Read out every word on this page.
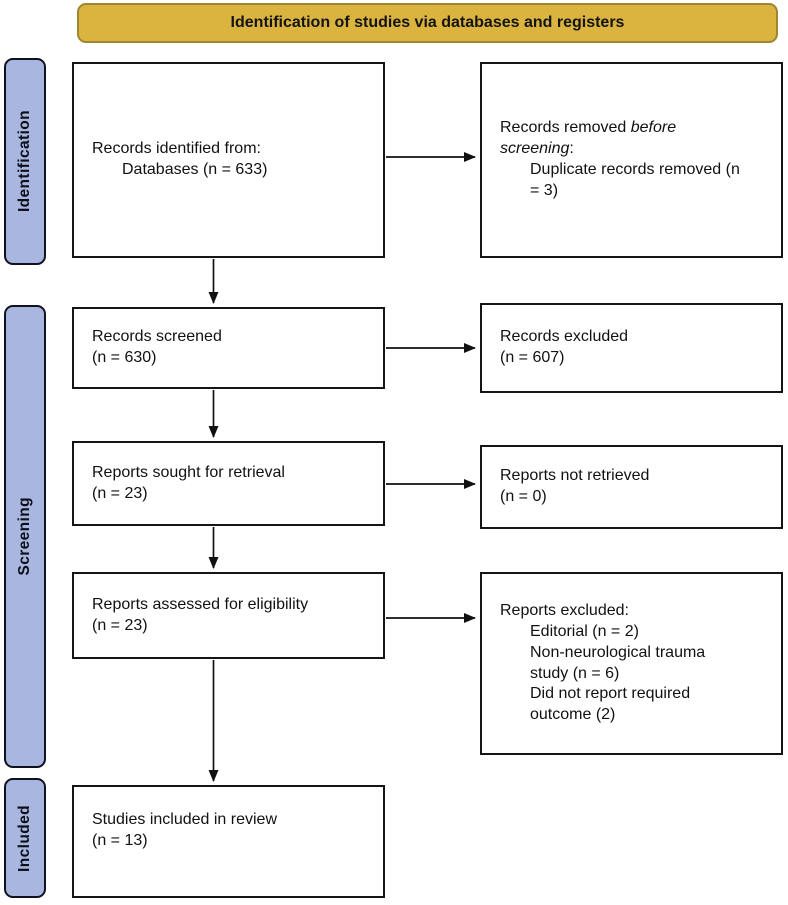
Identification of studies via databases and registers
Identification
Screening
Included
Records identified from:
Databases (n = 633)
Records removed before
screening:
Duplicate records removed (n
= 3)
Records screened
(n = 630)
Records excluded
(n = 607)
Reports sought for retrieval
(n = 23)
Reports not retrieved
(n = 0)
Reports assessed for eligibility
(n = 23)
Reports excluded:
Editorial (n = 2)
Non-neurological trauma
study (n = 6)
Did not report required
outcome (2)
Studies included in review
(n = 13)
